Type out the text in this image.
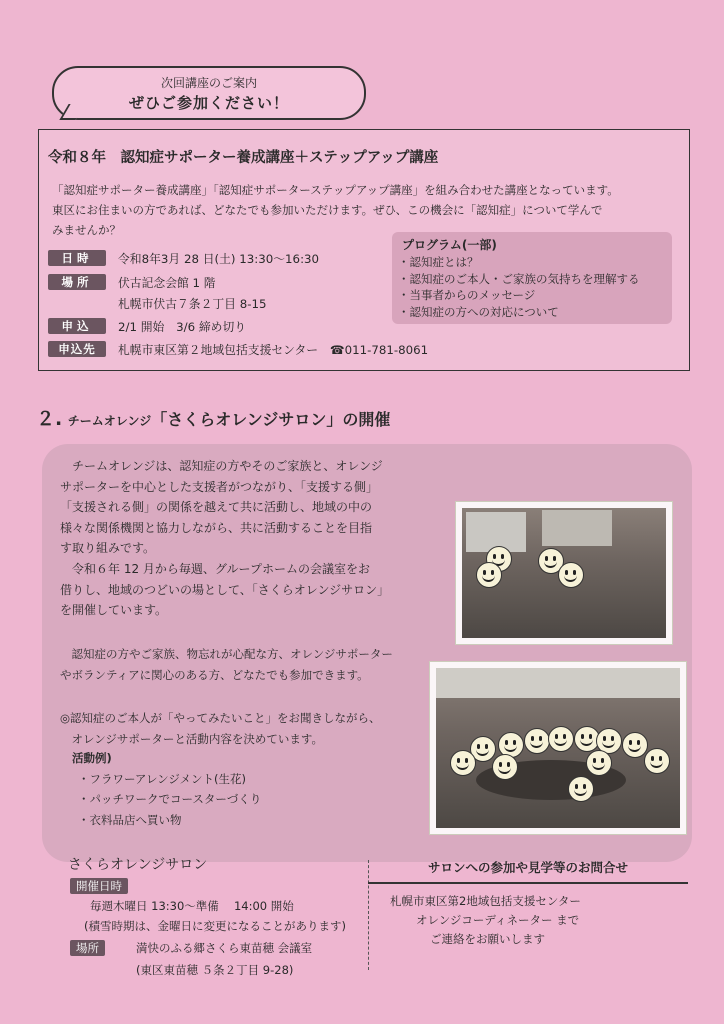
次回講座のご案内
ぜひご参加ください！
令和８年　認知症サポーター養成講座＋ステップアップ講座
「認知症サポーター養成講座」「認知症サポーターステップアップ講座」を組み合わせた講座となっています。
東区にお住まいの方であれば、どなたでも参加いただけます。ぜひ、この機会に「認知症」について学んで
みませんか？
日時	令和8年3月 28 日(土) 13:30～16:30
場所	伏古記念会館 1 階
札幌市伏古７条２丁目 8-15
申込	2/1 開始　3/6 締め切り
申込先	札幌市東区第２地域包括支援センター　☎011-781-8061
プログラム(一部)
・認知症とは？
・認知症のご本人・ご家族の気持ちを理解する
・当事者からのメッセージ
・認知症の方への対応について
２. チームオレンジ「さくらオレンジサロン」の開催
　チームオレンジは、認知症の方やそのご家族と、オレンジ
サポーターを中心とした支援者がつながり、「支援する側」
「支援される側」の関係を越えて共に活動し、地域の中の
様々な関係機関と協力しながら、共に活動することを目指
す取り組みです。
　令和６年 12 月から毎週、グループホームの会議室をお
借りし、地域のつどいの場として、「さくらオレンジサロン」
を開催しています。
　認知症の方やご家族、物忘れが心配な方、オレンジサポーター
やボランティアに関心のある方、どなたでも参加できます。
◎認知症のご本人が「やってみたいこと」をお聞きしながら、
　オレンジサポーターと活動内容を決めています。
活動例)
・フラワーアレンジメント(生花)
・パッチワークでコースターづくり
・衣料品店へ買い物
さくらオレンジサロン
開催日時
毎週木曜日 13:30～準備　 14:00 開始
(積雪時期は、金曜日に変更になることがあります)
場所	満快のふる郷さくら東苗穂 会議室
(東区東苗穂 ５条２丁目 9-28)
サロンへの参加や見学等のお問合せ
札幌市東区第2地域包括支援センター
オレンジコーディネーター まで
ご連絡をお願いします
